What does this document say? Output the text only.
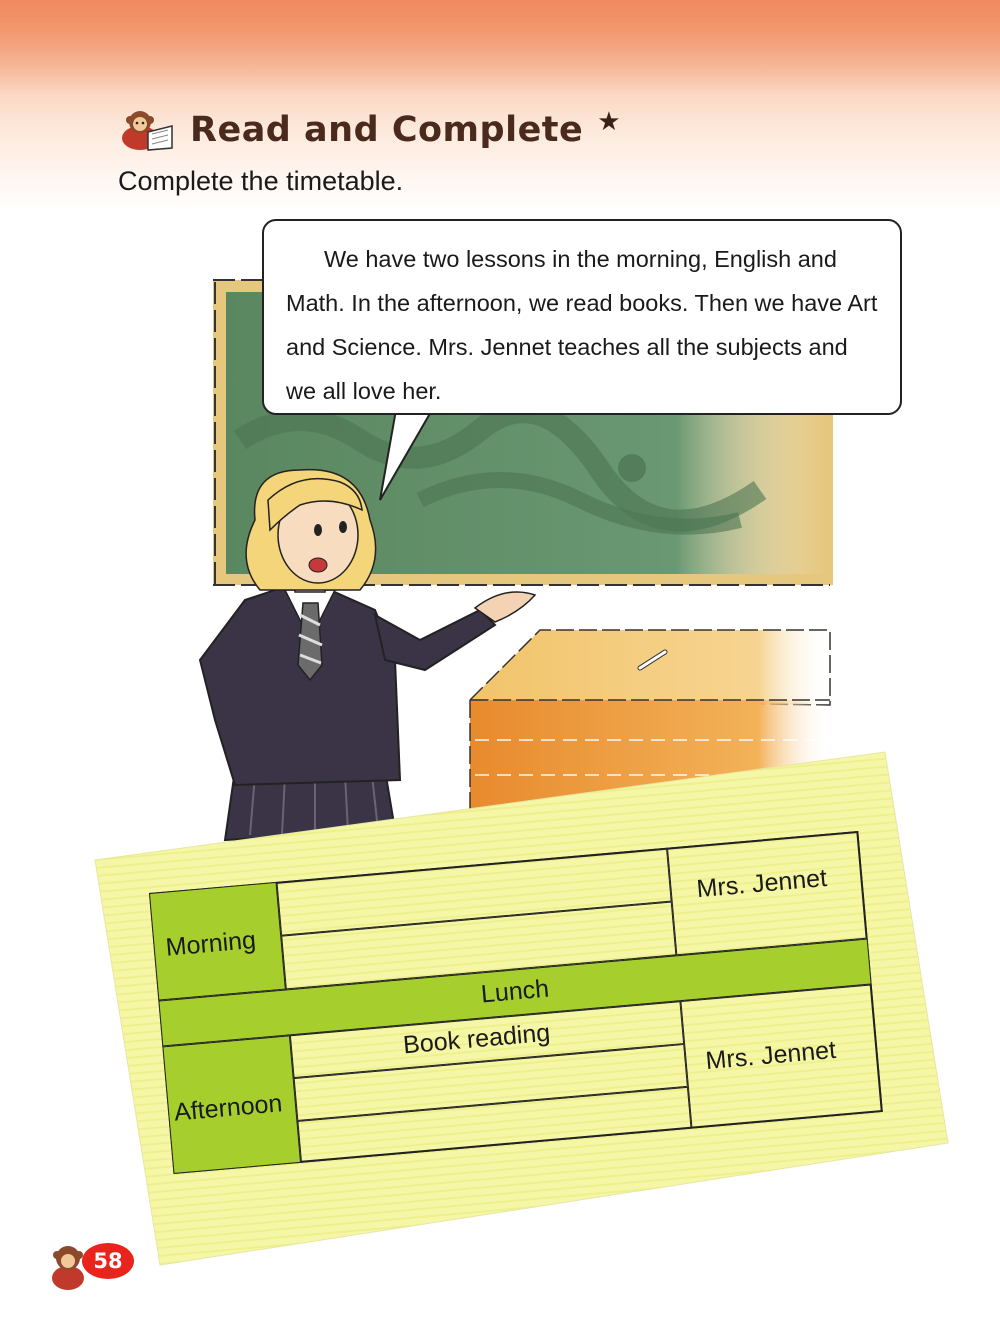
Read and Complete ★
Complete the timetable.

We have two lessons in the morning, English and Math. In the afternoon, we read books. Then we have Art and Science. Mrs. Jennet teaches all the subjects and we all love her.

Morning
Mrs. Jennet
Lunch
Afternoon
Book reading	Mrs. Jennet
58
